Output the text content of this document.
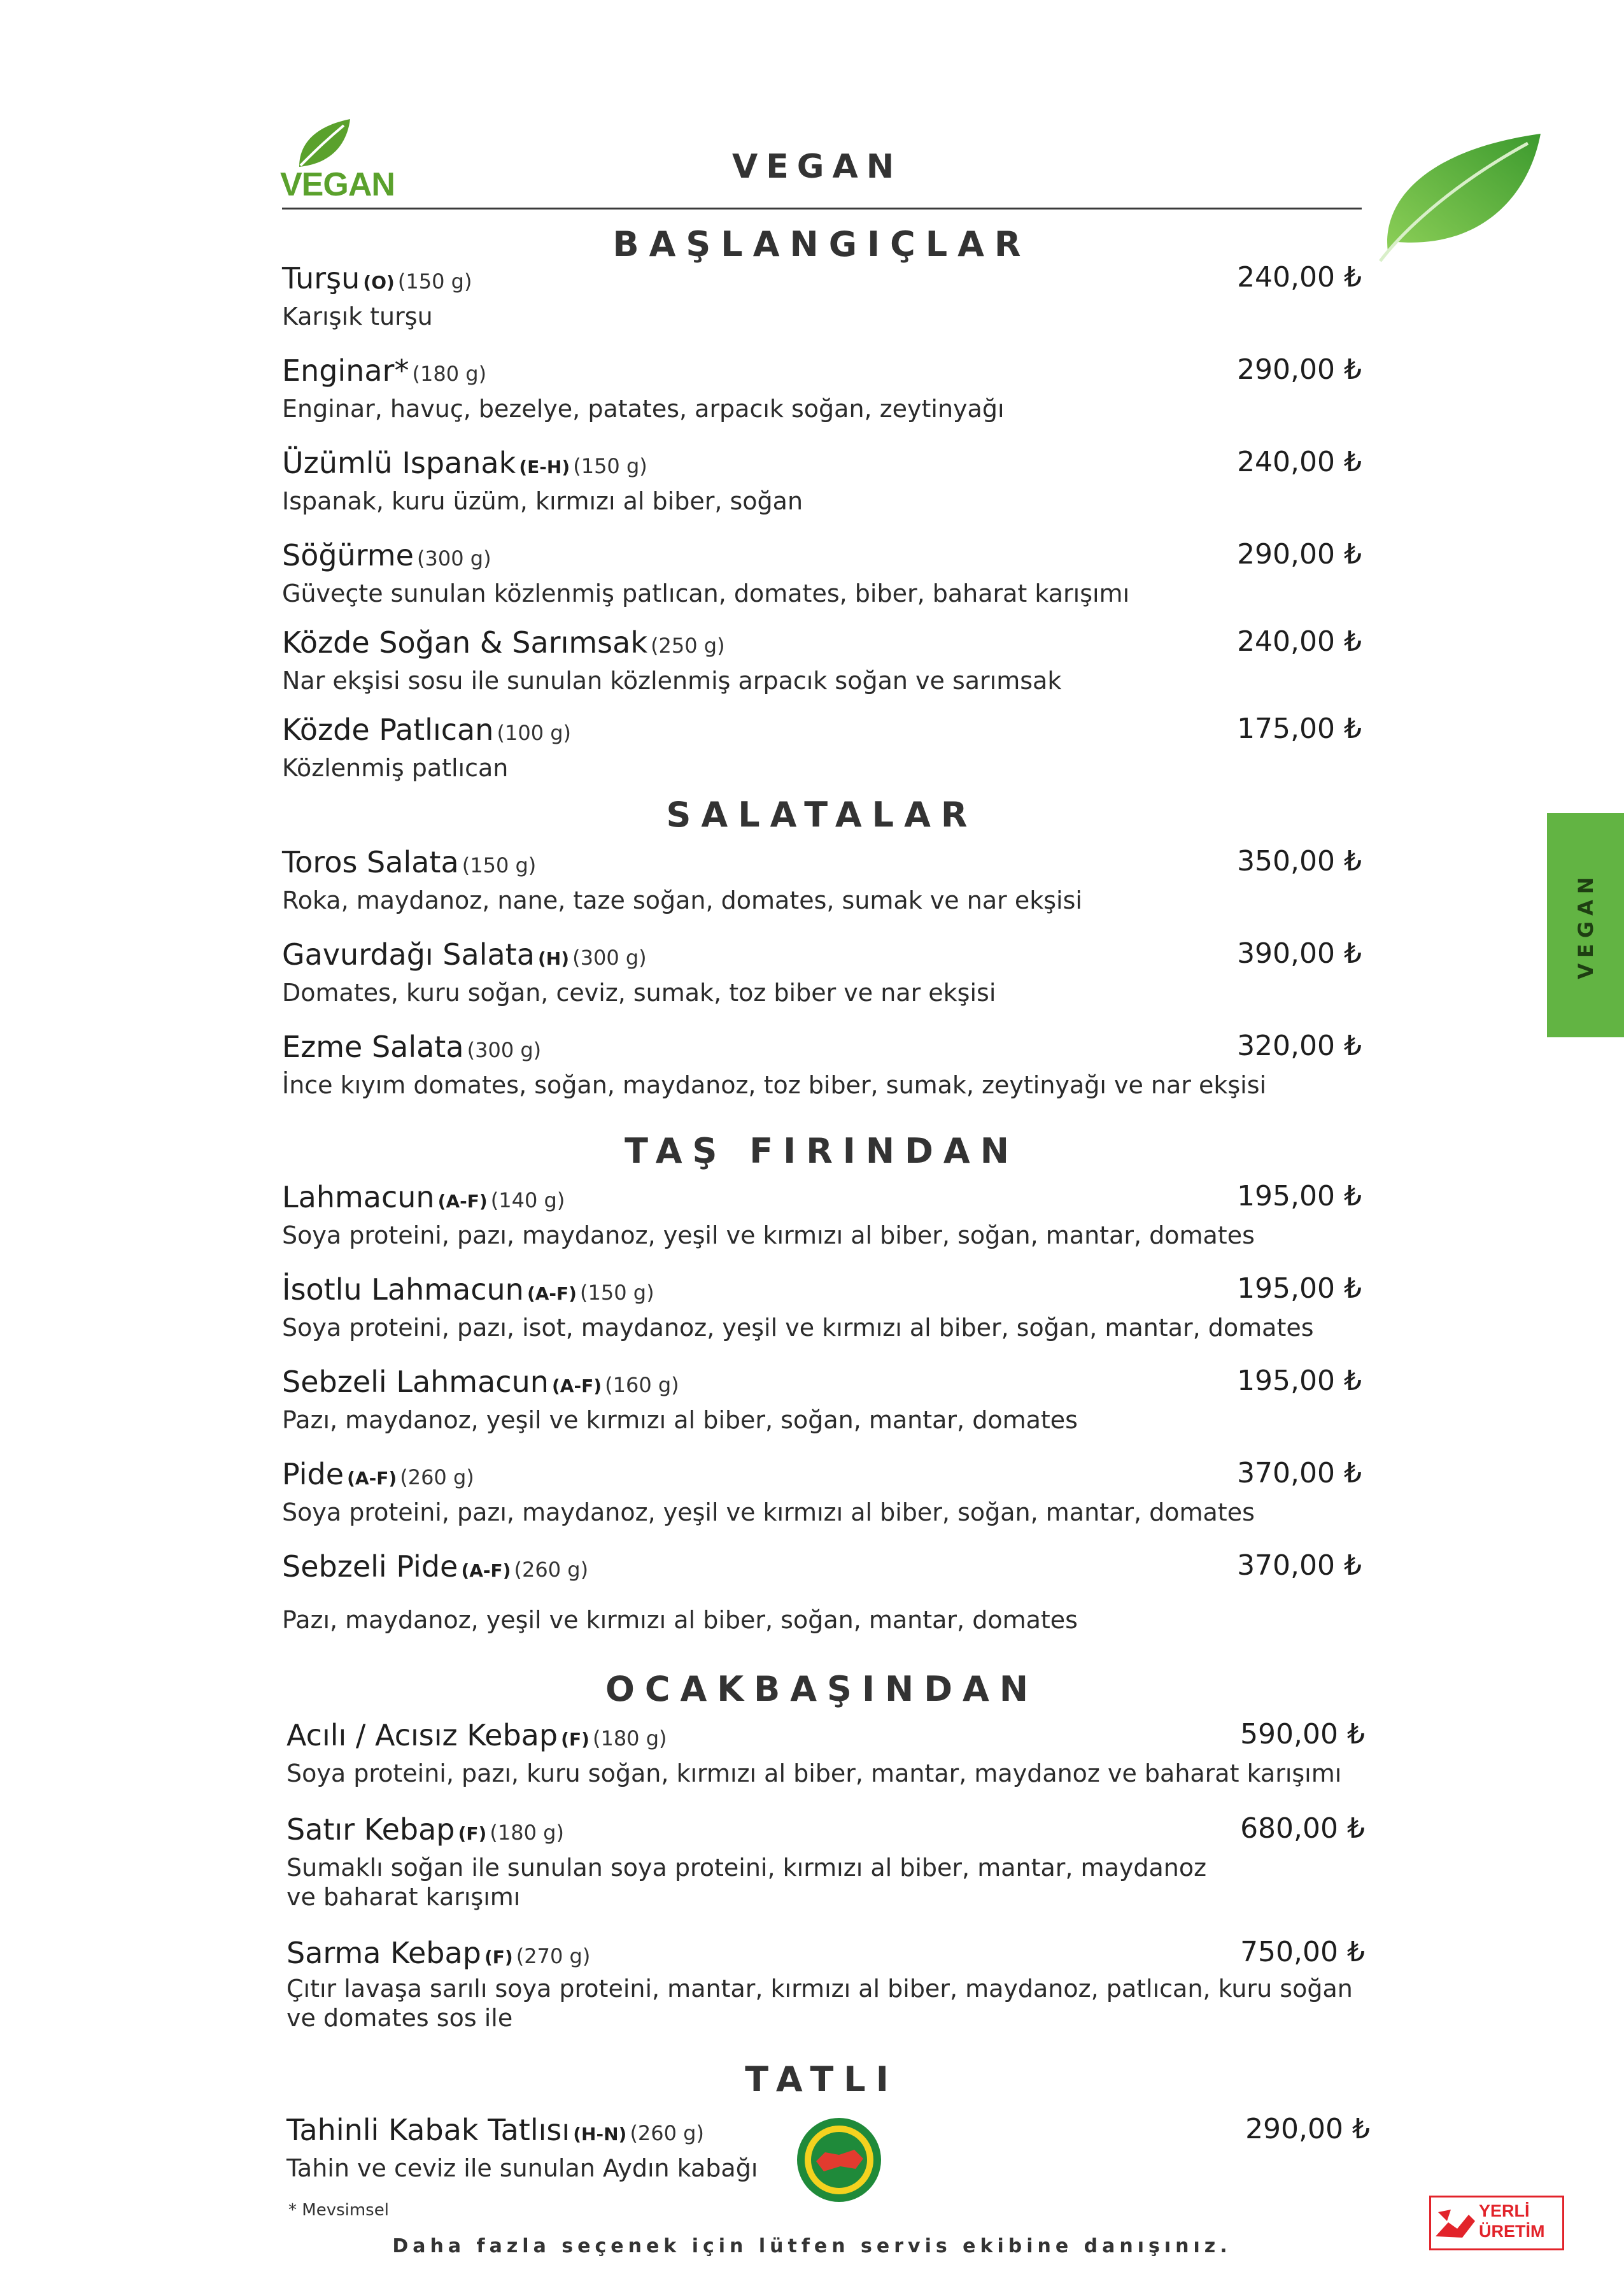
VEGAN	VEGAN
VEGAN
BAŞLANGIÇLAR
SALATALAR
TAŞ FIRINDAN
OCAKBAŞINDAN
TATLI
Turşu (O) (150 g)	240,00 ₺
Karışık turşu
Enginar* (180 g)	290,00 ₺
Enginar, havuç, bezelye, patates, arpacık soğan, zeytinyağı
Üzümlü Ispanak (E-H) (150 g)	240,00 ₺
Ispanak, kuru üzüm, kırmızı al biber, soğan
Söğürme (300 g)	290,00 ₺
Güveçte sunulan közlenmiş patlıcan, domates, biber, baharat karışımı
Közde Soğan & Sarımsak (250 g)	240,00 ₺
Nar ekşisi sosu ile sunulan közlenmiş arpacık soğan ve sarımsak
Közde Patlıcan (100 g)	175,00 ₺
Közlenmiş patlıcan
Toros Salata (150 g)	350,00 ₺
Roka, maydanoz, nane, taze soğan, domates, sumak ve nar ekşisi
Gavurdağı Salata (H) (300 g)	390,00 ₺
Domates, kuru soğan, ceviz, sumak, toz biber ve nar ekşisi
Ezme Salata (300 g)	320,00 ₺
İnce kıyım domates, soğan, maydanoz, toz biber, sumak, zeytinyağı ve nar ekşisi
Lahmacun (A-F) (140 g)	195,00 ₺
Soya proteini, pazı, maydanoz, yeşil ve kırmızı al biber, soğan, mantar, domates
İsotlu Lahmacun (A-F) (150 g)	195,00 ₺
Soya proteini, pazı, isot, maydanoz, yeşil ve kırmızı al biber, soğan, mantar, domates
Sebzeli Lahmacun (A-F) (160 g)	195,00 ₺
Pazı, maydanoz, yeşil ve kırmızı al biber, soğan, mantar, domates
Pide (A-F) (260 g)	370,00 ₺
Soya proteini, pazı, maydanoz, yeşil ve kırmızı al biber, soğan, mantar, domates
Sebzeli Pide (A-F) (260 g)	370,00 ₺
Pazı, maydanoz, yeşil ve kırmızı al biber, soğan, mantar, domates
Acılı / Acısız Kebap (F) (180 g)	590,00 ₺
Soya proteini, pazı, kuru soğan, kırmızı al biber, mantar, maydanoz ve baharat karışımı
Satır Kebap (F) (180 g)	680,00 ₺
Sumaklı soğan ile sunulan soya proteini, kırmızı al biber, mantar, maydanoz
ve baharat karışımı
Sarma Kebap (F) (270 g)	750,00 ₺
Çıtır lavaşa sarılı soya proteini, mantar, kırmızı al biber, maydanoz, patlıcan, kuru soğan
ve domates sos ile
Tahinli Kabak Tatlısı (H-N) (260 g)	290,00 ₺
Tahin ve ceviz ile sunulan Aydın kabağı
* Mevsimsel
Daha fazla seçenek için lütfen servis ekibine danışınız.
YERLİ
ÜRETİM
